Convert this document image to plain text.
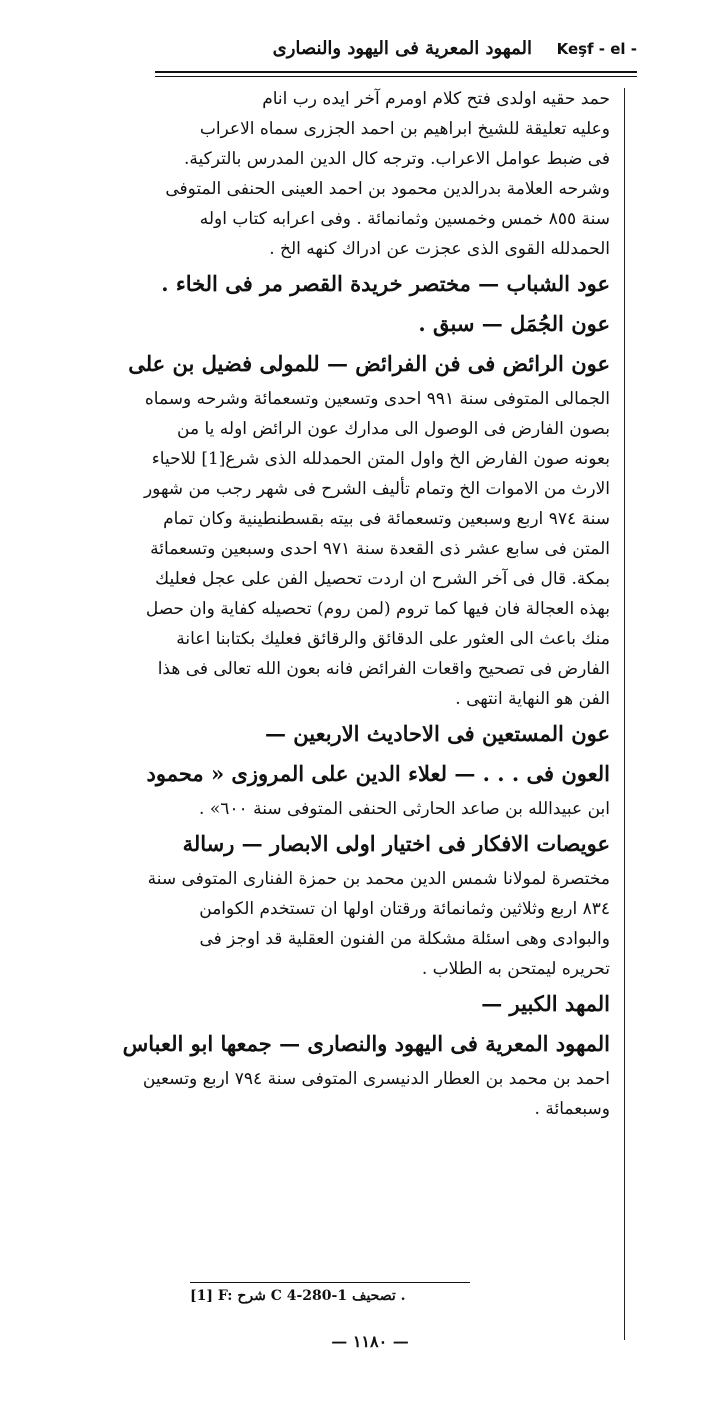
المهود المعرية فى اليهود والنصارى Keşf - el -
حمد حقيه اولدى فتح كلام اومرم آخر ايده رب انام
وعليه تعليقة للشيخ ابراهيم بن احمد الجزرى سماه الاعراب
فى ضبط عوامل الاعراب. وترجه كال الدين المدرس بالتركية.
وشرحه العلامة بدرالدين محمود بن احمد العينى الحنفى المتوفى
سنة ٨٥٥ خمس وخمسين وثمانمائة . وفى اعرابه كتاب اوله
الحمدلله القوى الذى عجزت عن ادراك كنهه الخ .
عود الشباب — مختصر خريدة القصر مر فى الخاء .
عون الجُمَل — سبق .
عون الرائض فى فن الفرائض — للمولى فضيل بن على
الجمالى المتوفى سنة ٩٩١ احدى وتسعين وتسعمائة وشرحه وسماه
بصون الفارض فى الوصول الى مدارك عون الرائض اوله يا من
بعونه صون الفارض الخ واول المتن الحمدلله الذى شرع[1] للاحياء
الارث من الاموات الخ وتمام تأليف الشرح فى شهر رجب من شهور
سنة ٩٧٤ اربع وسبعين وتسعمائة فى بيته بقسطنطينية وكان تمام
المتن فى سابع عشر ذى القعدة سنة ٩٧١ احدى وسبعين وتسعمائة
بمكة. قال فى آخر الشرح ان اردت تحصيل الفن على عجل فعليك
بهذه العجالة فان فيها كما تروم (لمن روم) تحصيله كفاية وان حصل
منك باعث الى العثور على الدقائق والرقائق فعليك بكتابنا اعانة
الفارض فى تصحيح واقعات الفرائض فانه بعون الله تعالى فى هذا
الفن هو النهاية انتهى .
عون المستعين فى الاحاديث الاربعين —
العون فى . . . — لعلاء الدين على المروزى « محمود
ابن عبيدالله بن صاعد الحارثى الحنفى المتوفى سنة ٦٠٠» .
عويصات الافكار فى اختيار اولى الابصار — رسالة
مختصرة لمولانا شمس الدين محمد بن حمزة الفنارى المتوفى سنة
٨٣٤ اربع وثلاثين وثمانمائة ورقتان اولها ان تستخدم الكوامن
والبوادى وهى اسئلة مشكلة من الفنون العقلية قد اوجز فى
تحريره ليمتحن به الطلاب .
المهد الكبير —
المهود المعرية فى اليهود والنصارى — جمعها ابو العباس
احمد بن محمد بن العطار الدنيسرى المتوفى سنة ٧٩٤ اربع وتسعين
وسبعمائة .
[1] F: شرح C 4-280-1 تصحيف .
— ١١٨٠ —
